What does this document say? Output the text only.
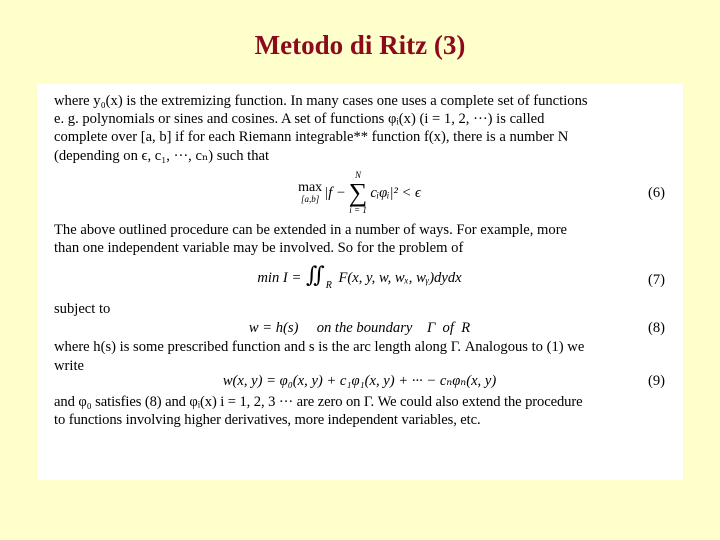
Metodo di Ritz (3)

where y₀(x) is the extremizing function. In many cases one uses a complete set of functions
e. g. polynomials or sines and cosines. A set of functions φᵢ(x) (i = 1, 2, ···) is called
complete over [a, b] if for each Riemann integrable** function f(x), there is a number N
(depending on ϵ, c₁, ···, cₙ) such that

max
[a,b] |f −
N
∑
i = 1
cᵢφᵢ|² < ϵ	(6)

The above outlined procedure can be extended in a number of ways. For example, more
than one independent variable may be involved. So for the problem of

$\min I = ∬_R$ F(x, y, w, wₓ, wᵧ)dydx	(7)

subject to

w = h(s)     on the boundary    Γ  of  R	(8)

where h(s) is some prescribed function and s is the arc length along Γ. Analogous to (1) we
write

w(x, y) = φ₀(x, y) + c₁φ₁(x, y) + ··· − cₙφₙ(x, y)	(9)

and φ₀ satisfies (8) and φᵢ(x) i = 1, 2, 3 ··· are zero on Γ. We could also extend the procedure
to functions involving higher derivatives, more independent variables, etc.
